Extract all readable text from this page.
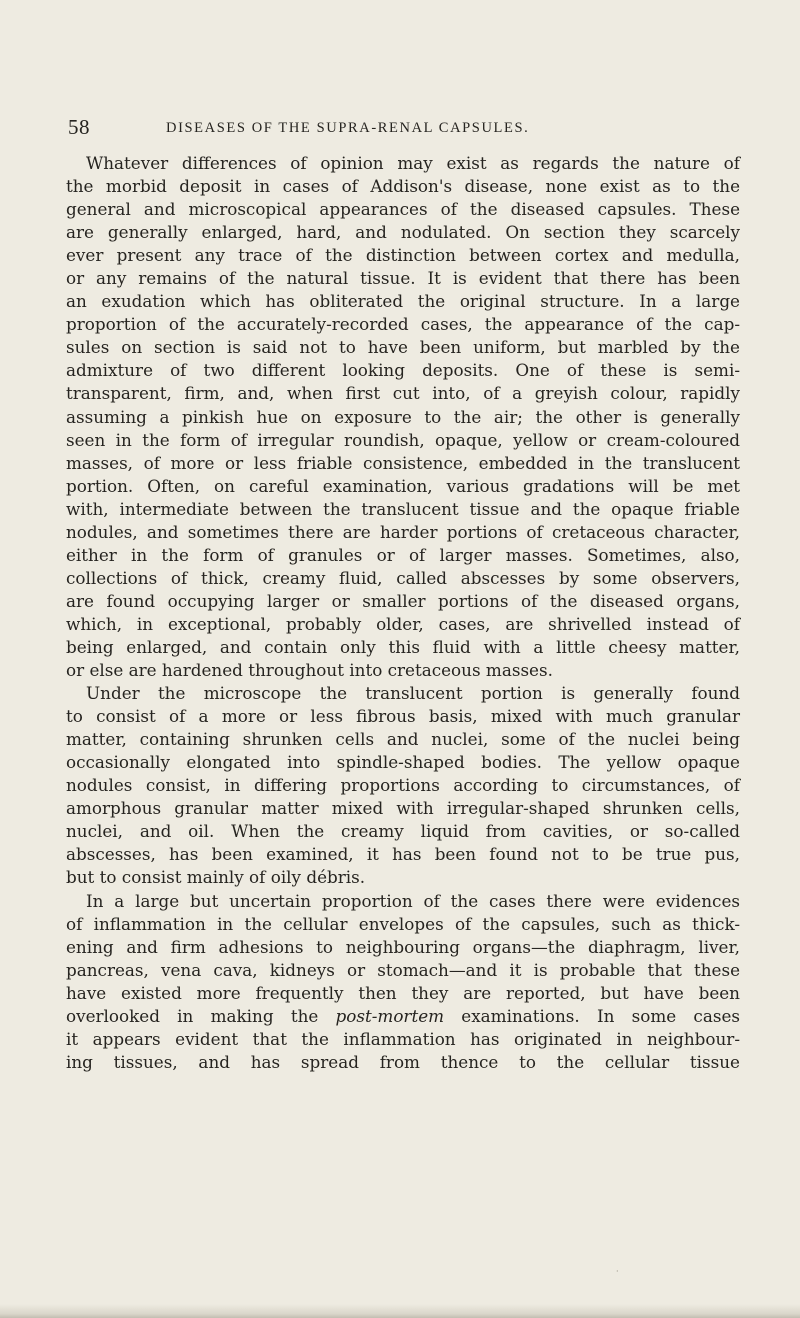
58	DISEASES OF THE SUPRA-RENAL CAPSULES.
Whatever differences of opinion may exist as regards the nature of
the morbid deposit in cases of Addison's disease, none exist as to the
general and microscopical appearances of the diseased capsules. These
are generally enlarged, hard, and nodulated. On section they scarcely
ever present any trace of the distinction between cortex and medulla,
or any remains of the natural tissue. It is evident that there has been
an exudation which has obliterated the original structure. In a large
proportion of the accurately-recorded cases, the appearance of the cap-
sules on section is said not to have been uniform, but marbled by the
admixture of two different looking deposits. One of these is semi-
transparent, firm, and, when first cut into, of a greyish colour, rapidly
assuming a pinkish hue on exposure to the air; the other is generally
seen in the form of irregular roundish, opaque, yellow or cream-coloured
masses, of more or less friable consistence, embedded in the translucent
portion. Often, on careful examination, various gradations will be met
with, intermediate between the translucent tissue and the opaque friable
nodules, and sometimes there are harder portions of cretaceous character,
either in the form of granules or of larger masses. Sometimes, also,
collections of thick, creamy fluid, called abscesses by some observers,
are found occupying larger or smaller portions of the diseased organs,
which, in exceptional, probably older, cases, are shrivelled instead of
being enlarged, and contain only this fluid with a little cheesy matter,
or else are hardened throughout into cretaceous masses.
Under the microscope the translucent portion is generally found
to consist of a more or less fibrous basis, mixed with much granular
matter, containing shrunken cells and nuclei, some of the nuclei being
occasionally elongated into spindle-shaped bodies. The yellow opaque
nodules consist, in differing proportions according to circumstances, of
amorphous granular matter mixed with irregular-shaped shrunken cells,
nuclei, and oil. When the creamy liquid from cavities, or so-called
abscesses, has been examined, it has been found not to be true pus,
but to consist mainly of oily débris.
In a large but uncertain proportion of the cases there were evidences
of inflammation in the cellular envelopes of the capsules, such as thick-
ening and firm adhesions to neighbouring organs—the diaphragm, liver,
pancreas, vena cava, kidneys or stomach—and it is probable that these
have existed more frequently then they are reported, but have been
overlooked in making the post-mortem examinations. In some cases
it appears evident that the inflammation has originated in neighbour-
ing tissues, and has spread from thence to the cellular tissue
·
